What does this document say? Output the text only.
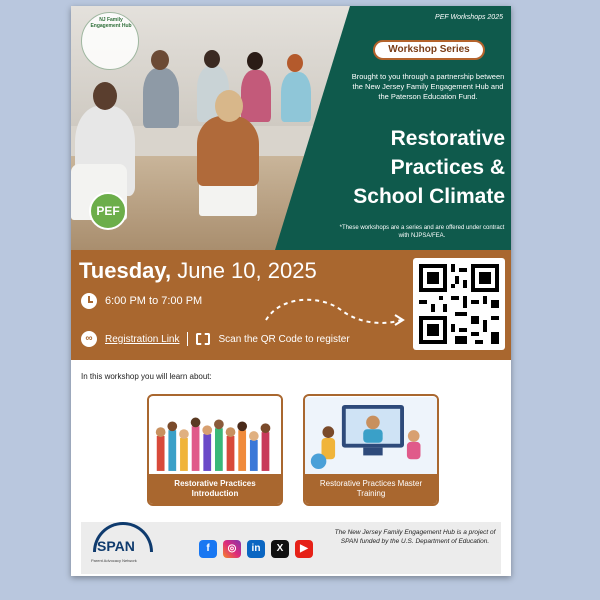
NJ Family Engagement Hub
PEF
PEF Workshops 2025
Workshop Series
Brought to you through a partnership between the New Jersey Family Engagement Hub and the Paterson Education Fund.
Restorative
Practices &
School Climate
*These workshops are a series and are offered under contract with NJPSA/FEA.
Tuesday, June 10, 2025
6:00 PM to 7:00 PM
∞	Registration Link	Scan the QR Code to register
In this workshop you will learn about:
Restorative Practices Introduction
Restorative Practices Master Training
SPAN
Parent Advocacy Network
f	◎	in	X	▶
The New Jersey Family Engagement Hub is a project of SPAN funded by the U.S. Department of Education.
